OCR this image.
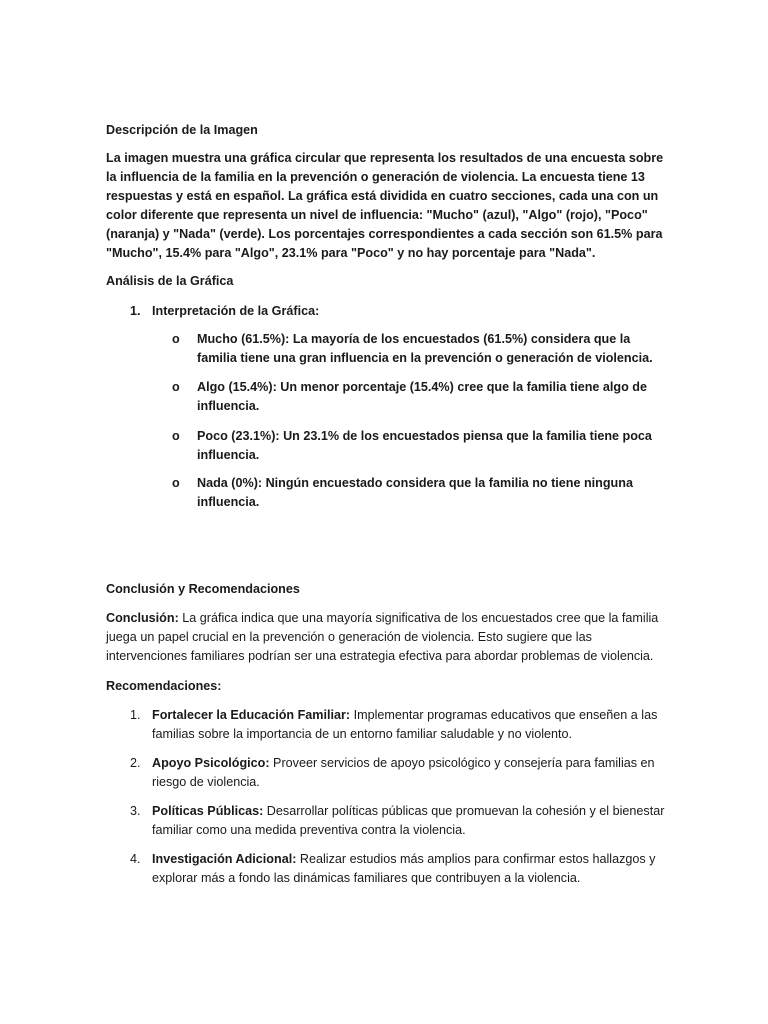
Descripción de la Imagen

La imagen muestra una gráfica circular que representa los resultados de una encuesta sobre la influencia de la familia en la prevención o generación de violencia. La encuesta tiene 13 respuestas y está en español. La gráfica está dividida en cuatro secciones, cada una con un color diferente que representa un nivel de influencia: "Mucho" (azul), "Algo" (rojo), "Poco" (naranja) y "Nada" (verde). Los porcentajes correspondientes a cada sección son 61.5% para "Mucho", 15.4% para "Algo", 23.1% para "Poco" y no hay porcentaje para "Nada".

Análisis de la Gráfica

1. Interpretación de la Gráfica:
o	Mucho (61.5%): La mayoría de los encuestados (61.5%) considera que la familia tiene una gran influencia en la prevención o generación de violencia.
o	Algo (15.4%): Un menor porcentaje (15.4%) cree que la familia tiene algo de influencia.
o	Poco (23.1%): Un 23.1% de los encuestados piensa que la familia tiene poca influencia.
o	Nada (0%): Ningún encuestado considera que la familia no tiene ninguna influencia.

Conclusión y Recomendaciones

Conclusión: La gráfica indica que una mayoría significativa de los encuestados cree que la familia juega un papel crucial en la prevención o generación de violencia. Esto sugiere que las intervenciones familiares podrían ser una estrategia efectiva para abordar problemas de violencia.

Recomendaciones:

1. Fortalecer la Educación Familiar: Implementar programas educativos que enseñen a las familias sobre la importancia de un entorno familiar saludable y no violento.
2. Apoyo Psicológico: Proveer servicios de apoyo psicológico y consejería para familias en riesgo de violencia.
3. Políticas Públicas: Desarrollar políticas públicas que promuevan la cohesión y el bienestar familiar como una medida preventiva contra la violencia.
4. Investigación Adicional: Realizar estudios más amplios para confirmar estos hallazgos y explorar más a fondo las dinámicas familiares que contribuyen a la violencia.
